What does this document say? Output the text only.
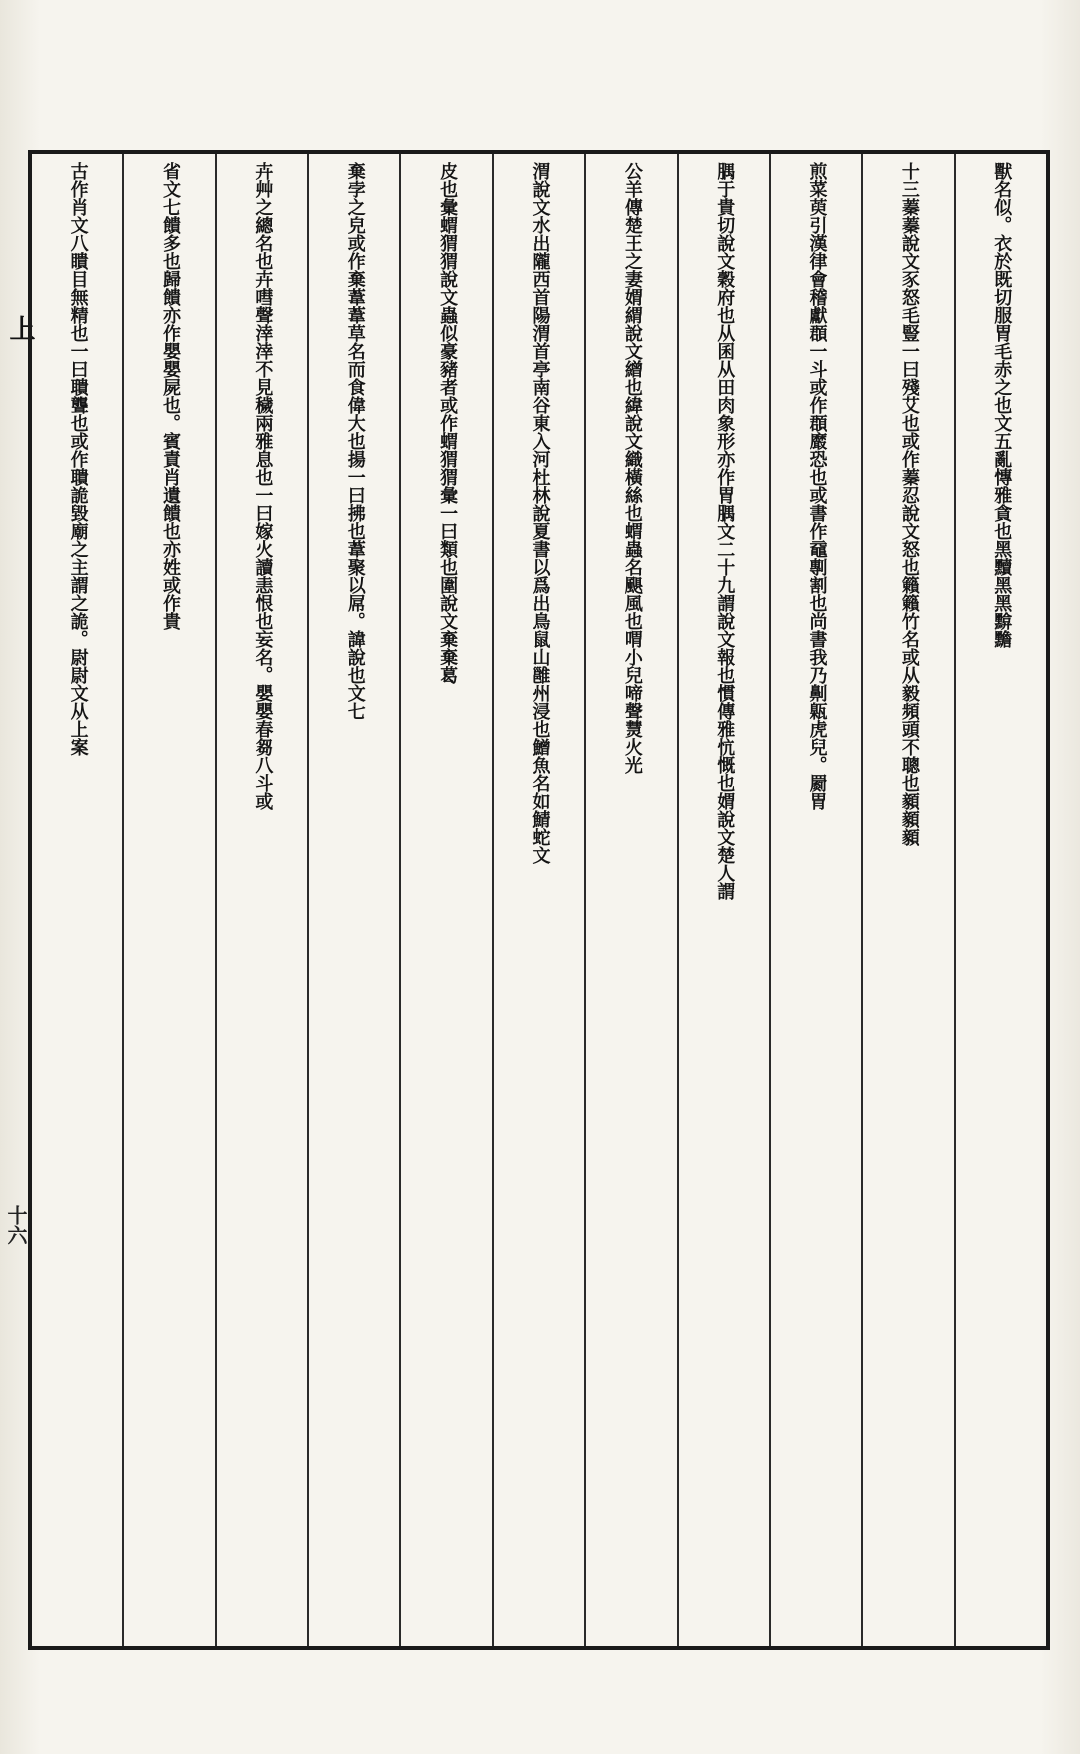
上
十六
獸名似。衣於既切服胃毛赤之也文五亂慱雅貪也黑黷黑黑黭黵
十三蓁蓁說文豕怒毛豎一曰殘艾也或作蓁忍說文怒也籟籟竹名或从毅頻頭不聰也顡顡顡
煎菜萸引漢律會稽獻頵一斗或作頵黀恐也或書作黿剸割也尚書我乃劓甈虎兒。罽胃
腢于貴切說文穀府也从囷从田肉象形亦作胃腢文二十九謂說文報也慣傳雅忼慨也媦說文楚人謂
公羊傳楚王之妻媦緭說文繒也緯說文織橫絲也蝟蟲名颶風也喟小兒啼聲熭火光
渭說文水出隴西首陽渭首亭南谷東入河杜林說夏書以爲出鳥鼠山雝州浸也鱛魚名如鯖蛇文
皮也彙蝟猬猬說文蟲似豪豬者或作蝟猬猬彙一曰類也圍說文棄棄葛
棄孛之皃或作棄葦葦草名而食偉大也揚一曰拂也葦聚以屌。諱說也文七
卉艸之總名也卉嘒聲涬涬不見穢兩雅息也一曰嫁火讀恚恨也妄名。嬰嬰春芻八斗或
省文七饋多也歸饋亦作嬰嬰屍也。賓責肖遺饋也亦姓或作貴
古作肖文八瞶目無精也一曰聵聾也或作聵詭毀廟之主謂之詭。尉尉文从上案
